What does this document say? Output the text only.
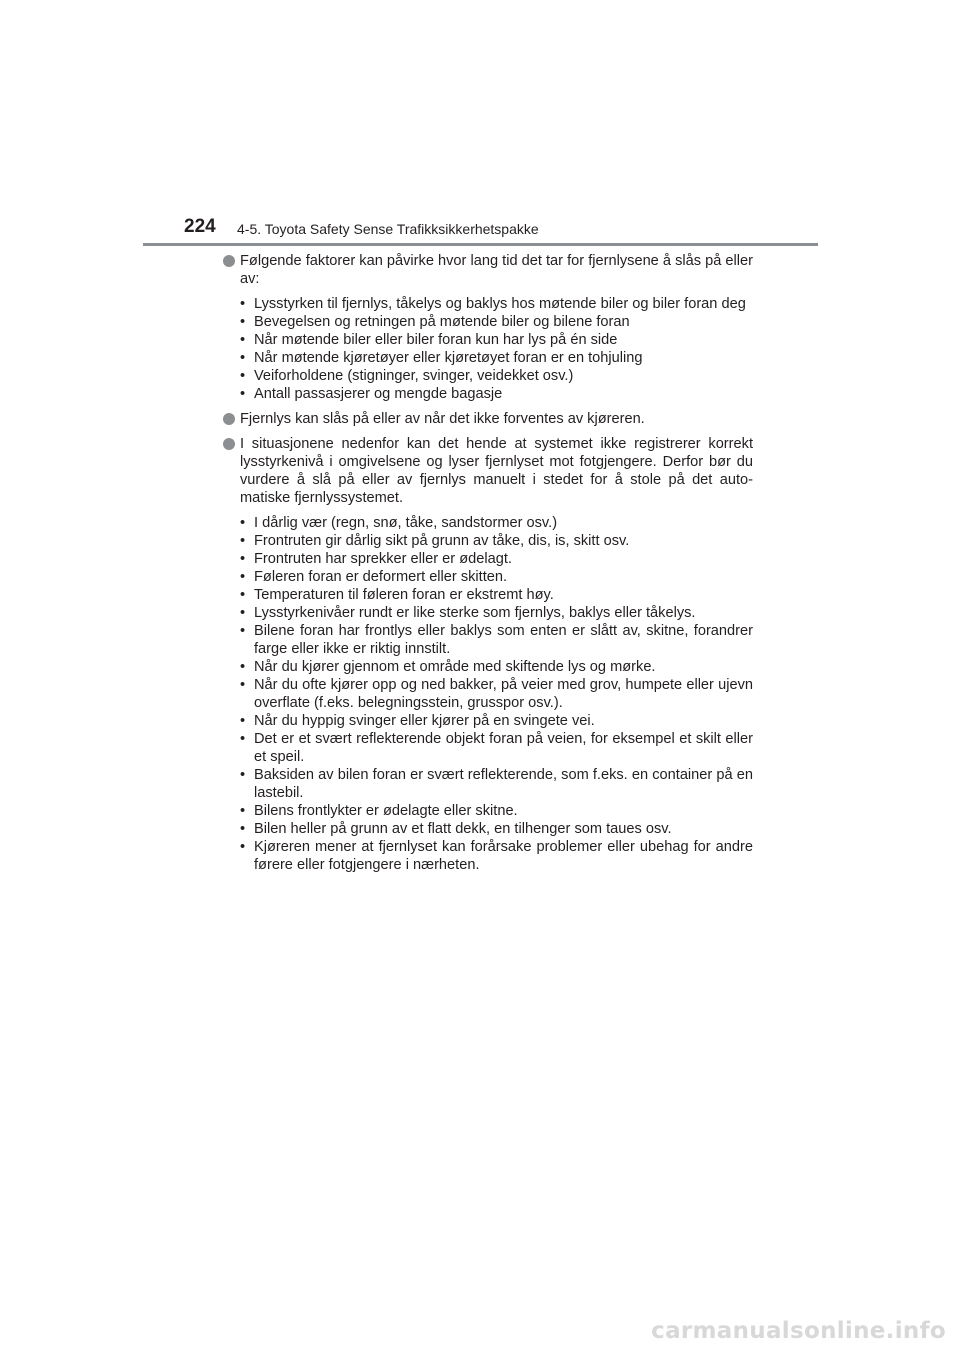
224 4-5. Toyota Safety Sense Trafikksikkerhetspakke
Følgende faktorer kan påvirke hvor lang tid det tar for fjernlysene å slås på eller av:
• Lysstyrken til fjernlys, tåkelys og baklys hos møtende biler og biler foran deg
• Bevegelsen og retningen på møtende biler og bilene foran
• Når møtende biler eller biler foran kun har lys på én side
• Når møtende kjøretøyer eller kjøretøyet foran er en tohjuling
• Veiforholdene (stigninger, svinger, veidekket osv.)
• Antall passasjerer og mengde bagasje
Fjernlys kan slås på eller av når det ikke forventes av kjøreren.
I situasjonene nedenfor kan det hende at systemet ikke registrerer korrekt lysstyrkenivå i omgivelsene og lyser fjernlyset mot fotgjengere. Derfor bør du vurdere å slå på eller av fjernlys manuelt i stedet for å stole på det auto- matiske fjernlyssystemet.
• I dårlig vær (regn, snø, tåke, sandstormer osv.)
• Frontruten gir dårlig sikt på grunn av tåke, dis, is, skitt osv.
• Frontruten har sprekker eller er ødelagt.
• Føleren foran er deformert eller skitten.
• Temperaturen til føleren foran er ekstremt høy.
• Lysstyrkenivåer rundt er like sterke som fjernlys, baklys eller tåkelys.
• Bilene foran har frontlys eller baklys som enten er slått av, skitne, forandrer farge eller ikke er riktig innstilt.
• Når du kjører gjennom et område med skiftende lys og mørke.
• Når du ofte kjører opp og ned bakker, på veier med grov, humpete eller ujevn overflate (f.eks. belegningsstein, grusspor osv.).
• Når du hyppig svinger eller kjører på en svingete vei.
• Det er et svært reflekterende objekt foran på veien, for eksempel et skilt eller et speil.
• Baksiden av bilen foran er svært reflekterende, som f.eks. en container på en lastebil.
• Bilens frontlykter er ødelagte eller skitne.
• Bilen heller på grunn av et flatt dekk, en tilhenger som taues osv.
• Kjøreren mener at fjernlyset kan forårsake problemer eller ubehag for andre førere eller fotgjengere i nærheten.
carmanualsonline.info
